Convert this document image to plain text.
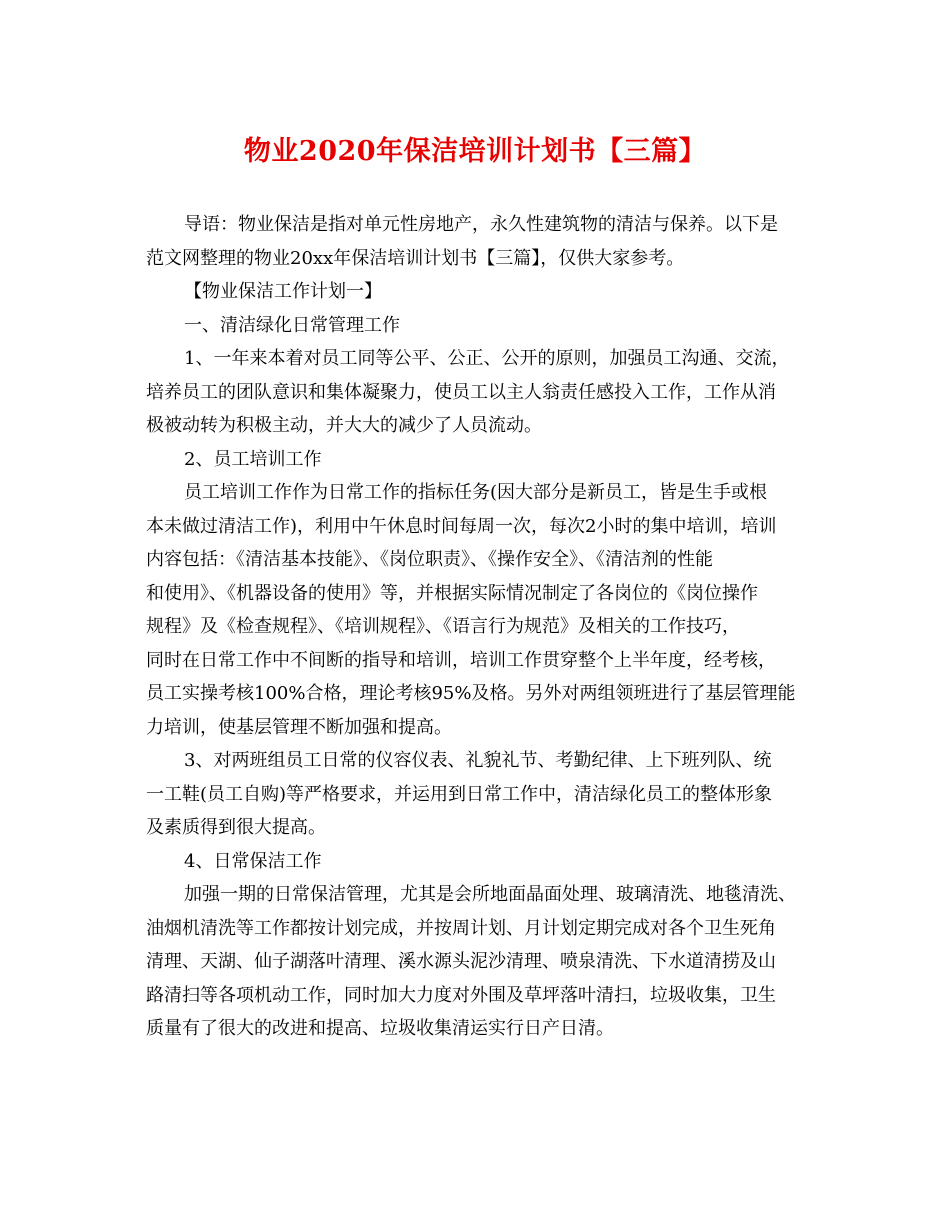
物业2020年保洁培训计划书【三篇】
导语：物业保洁是指对单元性房地产，永久性建筑物的清洁与保养。以下是
范文网整理的物业20xx年保洁培训计划书【三篇】，仅供大家参考。
【物业保洁工作计划一】
一、清洁绿化日常管理工作
1、一年来本着对员工同等公平、公正、公开的原则，加强员工沟通、交流，
培养员工的团队意识和集体凝聚力，使员工以主人翁责任感投入工作，工作从消
极被动转为积极主动，并大大的减少了人员流动。
2、员工培训工作
员工培训工作作为日常工作的指标任务(因大部分是新员工，皆是生手或根
本未做过清洁工作)，利用中午休息时间每周一次，每次2小时的集中培训，培训
内容包括：《清洁基本技能》、《岗位职责》、《操作安全》、《清洁剂的性能
和使用》、《机器设备的使用》等，并根据实际情况制定了各岗位的《岗位操作
规程》及《检查规程》、《培训规程》、《语言行为规范》及相关的工作技巧，
同时在日常工作中不间断的指导和培训，培训工作贯穿整个上半年度，经考核，
员工实操考核100%合格，理论考核95%及格。另外对两组领班进行了基层管理能
力培训，使基层管理不断加强和提高。
3、对两班组员工日常的仪容仪表、礼貌礼节、考勤纪律、上下班列队、统
一工鞋(员工自购)等严格要求，并运用到日常工作中，清洁绿化员工的整体形象
及素质得到很大提高。
4、日常保洁工作
加强一期的日常保洁管理，尤其是会所地面晶面处理、玻璃清洗、地毯清洗、
油烟机清洗等工作都按计划完成，并按周计划、月计划定期完成对各个卫生死角
清理、天湖、仙子湖落叶清理、溪水源头泥沙清理、喷泉清洗、下水道清捞及山
路清扫等各项机动工作，同时加大力度对外围及草坪落叶清扫，垃圾收集，卫生
质量有了很大的改进和提高、垃圾收集清运实行日产日清。
